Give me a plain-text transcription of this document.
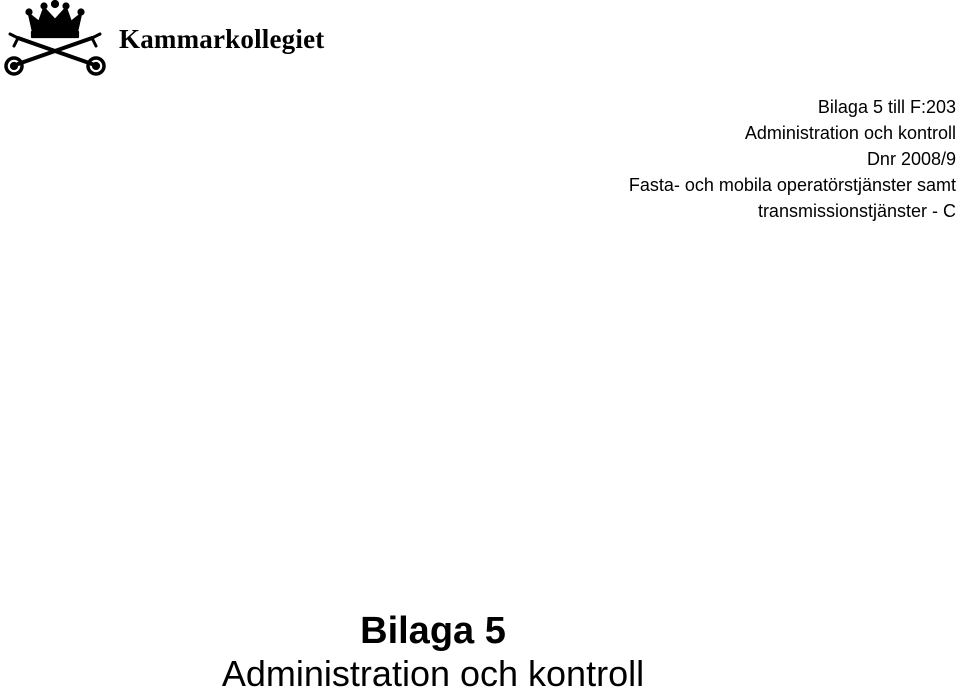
Kammarkollegiet
Bilaga 5 till F:203
Administration och kontroll
Dnr 2008/9
Fasta- och mobila operatörstjänster samt
transmissionstjänster - C
Bilaga 5
Administration och kontroll
